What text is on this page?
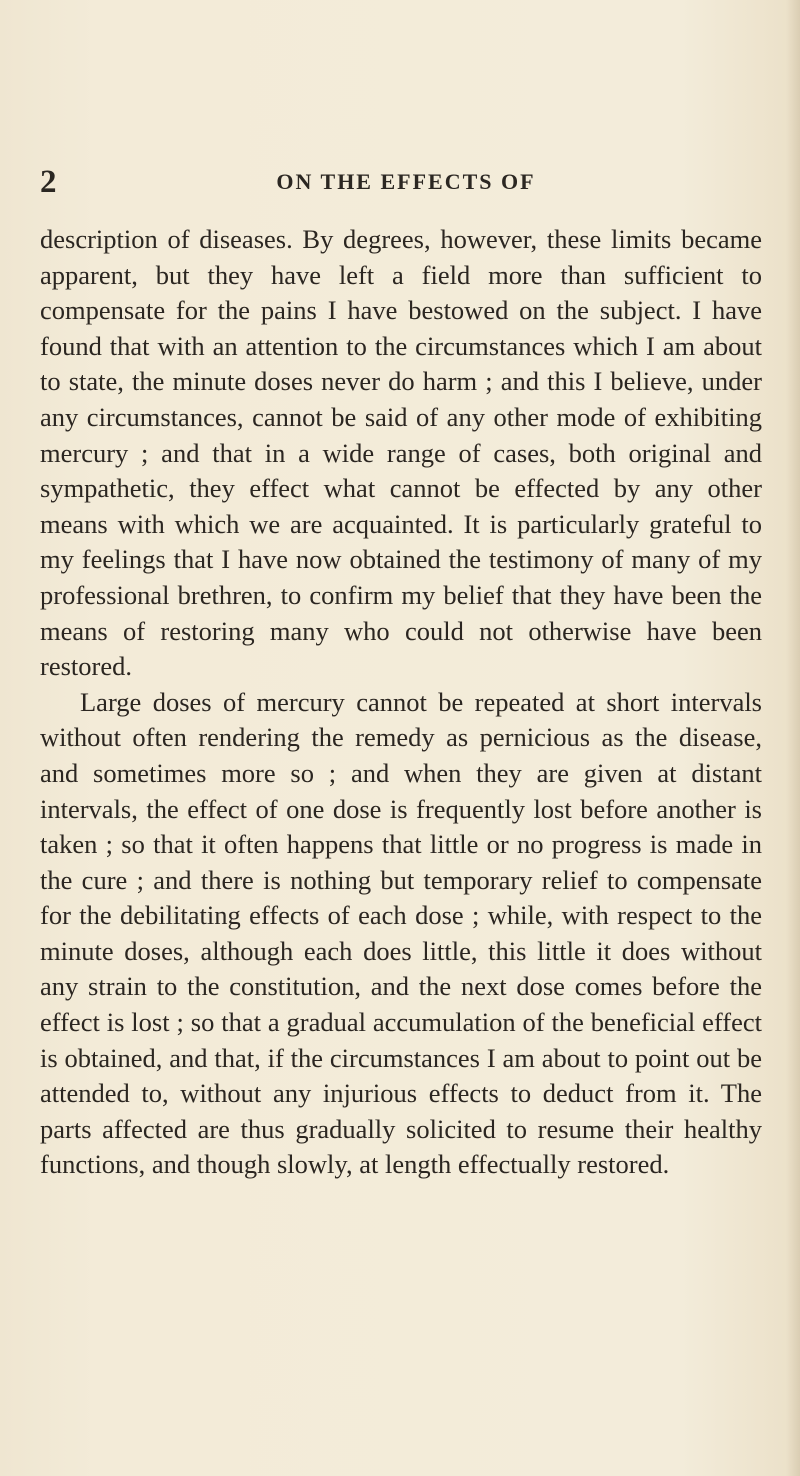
2	ON THE EFFECTS OF

description of diseases. By degrees, however, these limits became apparent, but they have left a field more than sufficient to compensate for the pains I have bestowed on the subject. I have found that with an attention to the circumstances which I am about to state, the minute doses never do harm ; and this I believe, under any circumstances, cannot be said of any other mode of exhibiting mercury ; and that in a wide range of cases, both original and sympathetic, they effect what cannot be effected by any other means with which we are acquainted. It is particularly grateful to my feelings that I have now obtained the testimony of many of my professional brethren, to confirm my belief that they have been the means of restoring many who could not otherwise have been restored.

Large doses of mercury cannot be repeated at short intervals without often rendering the remedy as pernicious as the disease, and sometimes more so ; and when they are given at distant intervals, the effect of one dose is frequently lost before another is taken ; so that it often happens that little or no progress is made in the cure ; and there is nothing but temporary relief to compensate for the debilitating effects of each dose ; while, with respect to the minute doses, although each does little, this little it does without any strain to the constitution, and the next dose comes before the effect is lost ; so that a gradual accumulation of the beneficial effect is obtained, and that, if the circumstances I am about to point out be attended to, without any injurious effects to deduct from it. The parts affected are thus gradually solicited to resume their healthy functions, and though slowly, at length effectually restored.
